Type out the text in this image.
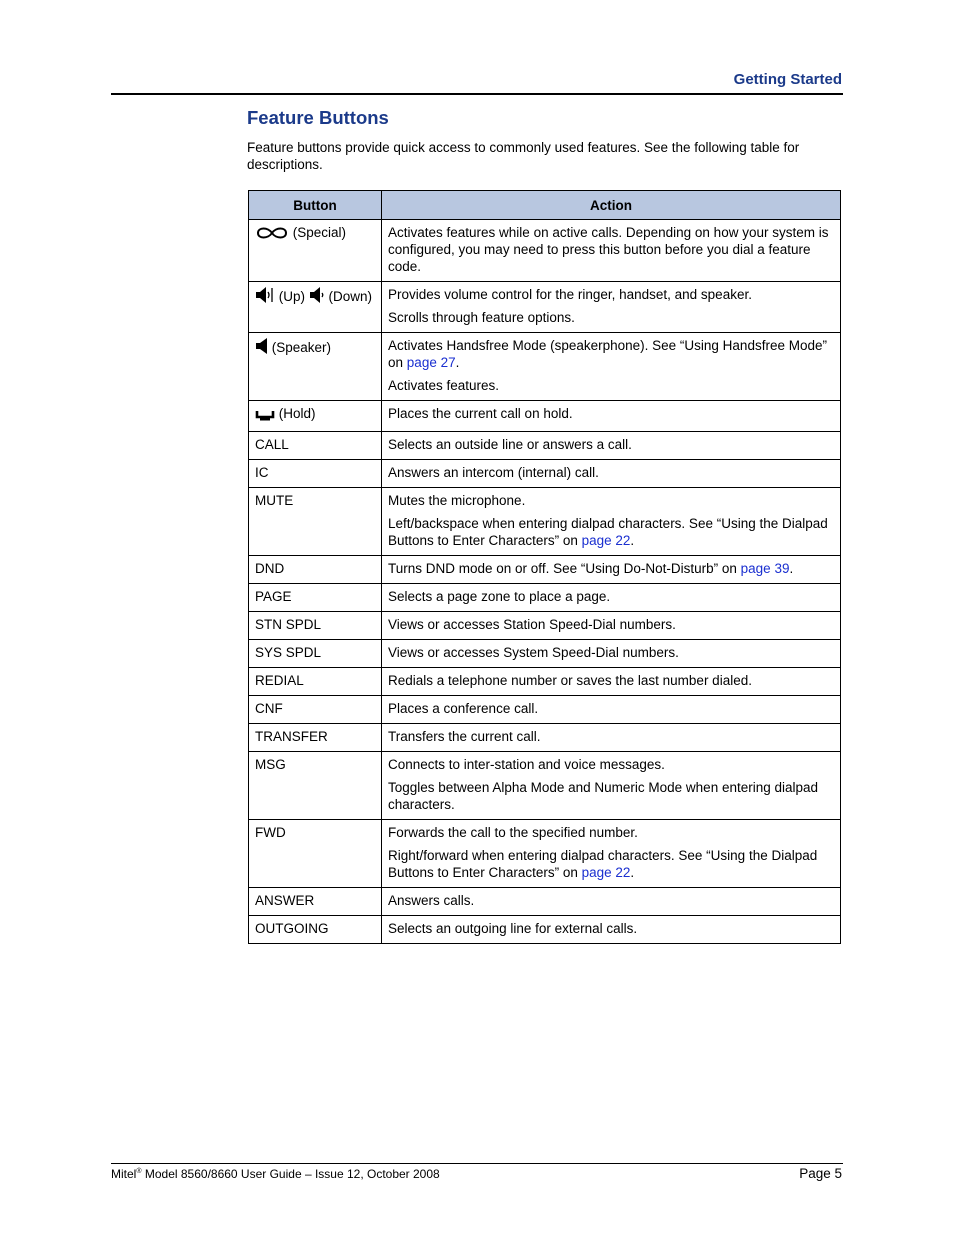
Getting Started
Feature Buttons
Feature buttons provide quick access to commonly used features. See the following table for descriptions.
Button	Action
(Special)	Activates features while on active calls. Depending on how your system is configured, you may need to press this button before you dial a feature code.

(Up) (Down)	Provides volume control for the ringer, handset, and speaker.

Scrolls through feature options.

(Speaker)	Activates Handsfree Mode (speakerphone). See “Using Handsfree Mode” on page 27.

Activates features.

(Hold)	Places the current call on hold.

CALL	Selects an outside line or answers a call.

IC	Answers an intercom (internal) call.

MUTE	Mutes the microphone.

Left/backspace when entering dialpad characters. See “Using the Dialpad Buttons to Enter Characters” on page 22.

DND	Turns DND mode on or off. See “Using Do-Not-Disturb” on page 39.

PAGE	Selects a page zone to place a page.

STN SPDL	Views or accesses Station Speed-Dial numbers.

SYS SPDL	Views or accesses System Speed-Dial numbers.

REDIAL	Redials a telephone number or saves the last number dialed.

CNF	Places a conference call.

TRANSFER	Transfers the current call.

MSG	Connects to inter-station and voice messages.

Toggles between Alpha Mode and Numeric Mode when entering dialpad characters.

FWD	Forwards the call to the specified number.

Right/forward when entering dialpad characters. See “Using the Dialpad Buttons to Enter Characters” on page 22.

ANSWER	Answers calls.

OUTGOING	Selects an outgoing line for external calls.

Mitel® Model 8560/8660 User Guide – Issue 12, October 2008	Page 5
